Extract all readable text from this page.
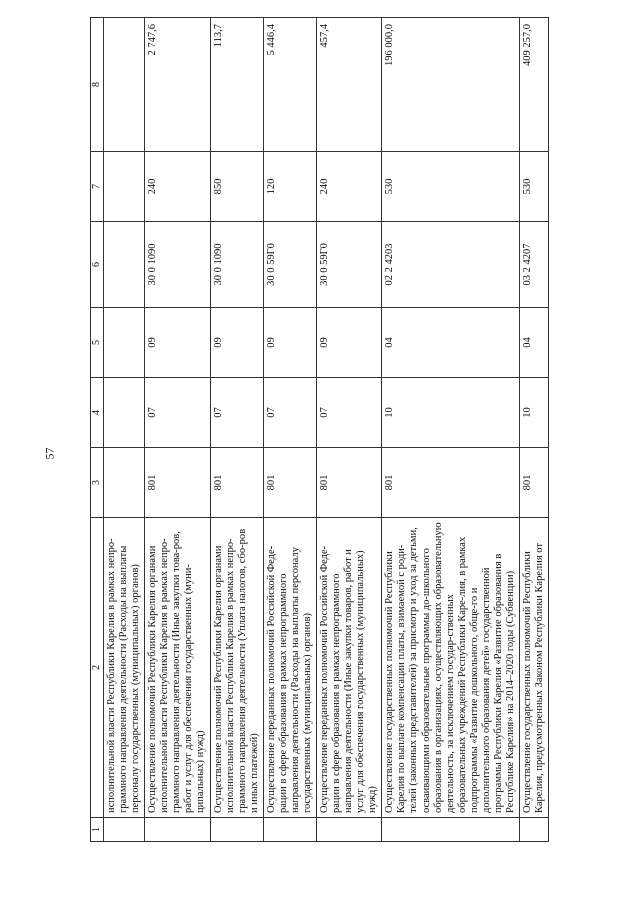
57
1	2	3	4	5	6	7	8
	исполнительной власти Республики Карелия в рамках непро-граммного направления деятельности (Расходы на выплаты персоналу государственных (муниципальных) органов)						
	Осуществление полномочий Республики Карелия органами исполнительной власти Республики Карелия в рамках непро-граммного направления деятельности (Иные закупки това-ров, работ и услуг для обеспечения государственных (муни-ципальных) нужд)	801	07	09	30 0 1090	240	2 747,6
	Осуществление полномочий Республики Карелия органами исполнительной власти Республики Карелия в рамках непро-граммного направления деятельности (Уплата налогов, сбо-ров и иных платежей)	801	07	09	30 0 1090	850	113,7
	Осуществление переданных полномочий Российской Феде-рации в сфере образования в рамках непрограммного направления деятельности (Расходы на выплаты персоналу государственных (муниципальных) органов)	801	07	09	30 0 59Г0	120	5 446,4
	Осуществление переданных полномочий Российской Феде-рации в сфере образования в рамках непрограммного направления деятельности (Иные закупки товаров, работ и услуг для обеспечения государственных (муниципальных) нужд)	801	07	09	30 0 59Г0	240	457,4
	Осуществление государственных полномочий Республики Карелия по выплате компенсации платы, взимаемой с роди-телей (законных представителей) за присмотр и уход за детьми, осваивающими образовательные программы до-школьного образования в организациях, осуществляющих образовательную деятельность, за исключением государ-ственных образовательных учреждений Республики Каре-лия, в рамках подпрограммы «Развитие дошкольного, обще-го и дополнительного образования детей» государственной программы Республики Карелия «Развитие образования в Республике Карелия» на 2014–2020 годы (Субвенции)	801	10	04	02 2 4203	530	196 000,0
	Осуществление государственных полномочий Республики Карелия, предусмотренных Законом Республики Карелия от	801	10	04	03 2 4207	530	409 257,0
